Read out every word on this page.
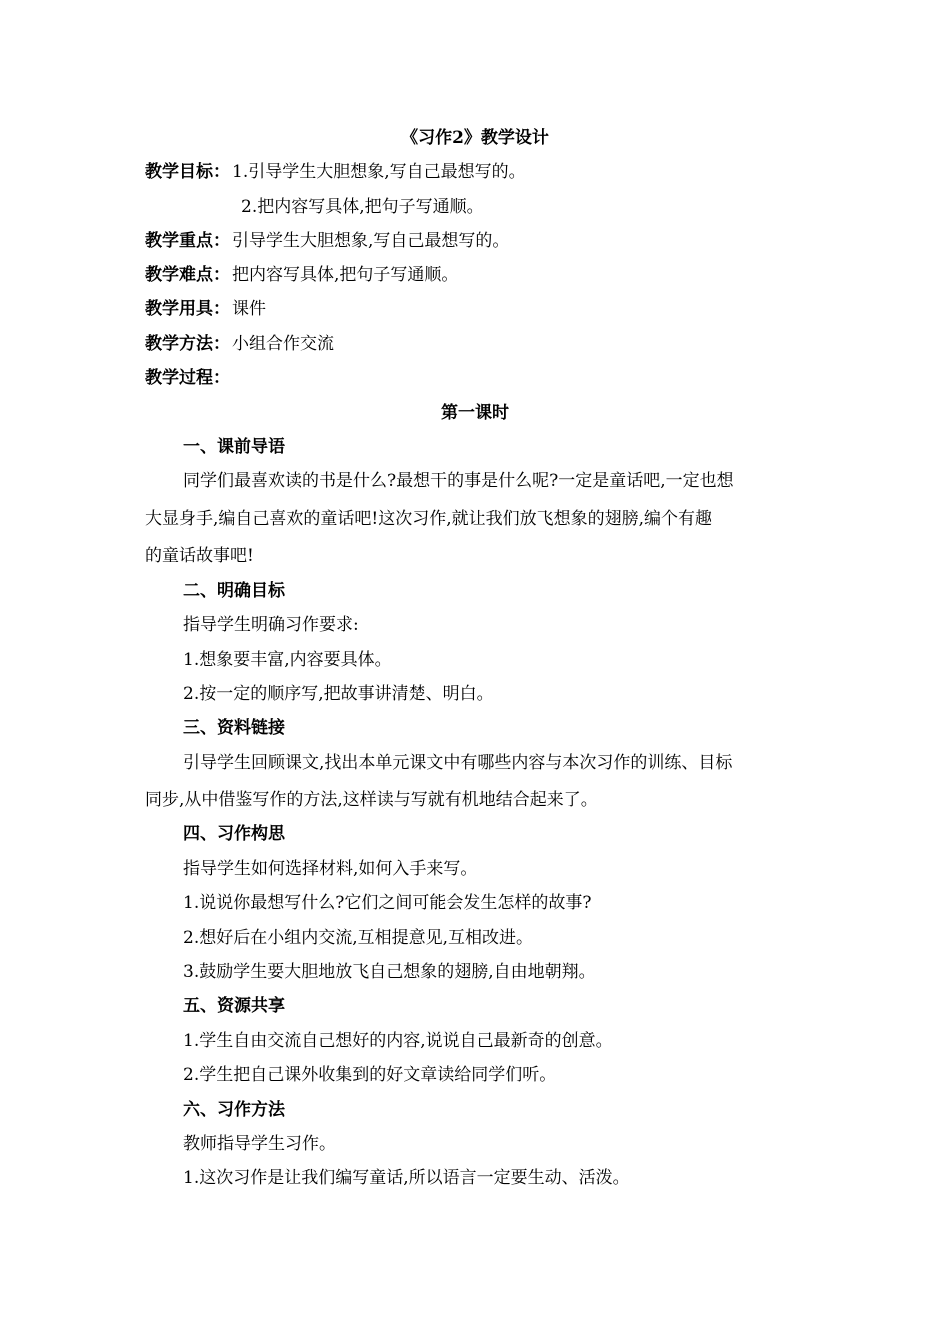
《习作2》教学设计
教学目标： 1.引导学生大胆想象,写自己最想写的。
2.把内容写具体,把句子写通顺。
教学重点： 引导学生大胆想象,写自己最想写的。
教学难点： 把内容写具体,把句子写通顺。
教学用具： 课件
教学方法： 小组合作交流
教学过程：
第一课时
一、课前导语
同学们最喜欢读的书是什么?最想干的事是什么呢?一定是童话吧,一定也想
大显身手,编自己喜欢的童话吧!这次习作,就让我们放飞想象的翅膀,编个有趣
的童话故事吧!
二、明确目标
指导学生明确习作要求:
1.想象要丰富,内容要具体。
2.按一定的顺序写,把故事讲清楚、明白。
三、资料链接
引导学生回顾课文,找出本单元课文中有哪些内容与本次习作的训练、目标
同步,从中借鉴写作的方法,这样读与写就有机地结合起来了。
四、习作构思
指导学生如何选择材料,如何入手来写。
1.说说你最想写什么?它们之间可能会发生怎样的故事?
2.想好后在小组内交流,互相提意见,互相改进。
3.鼓励学生要大胆地放飞自己想象的翅膀,自由地朝翔。
五、资源共享
1.学生自由交流自己想好的内容,说说自己最新奇的创意。
2.学生把自己课外收集到的好文章读给同学们听。
六、习作方法
教师指导学生习作。
1.这次习作是让我们编写童话,所以语言一定要生动、活泼。
